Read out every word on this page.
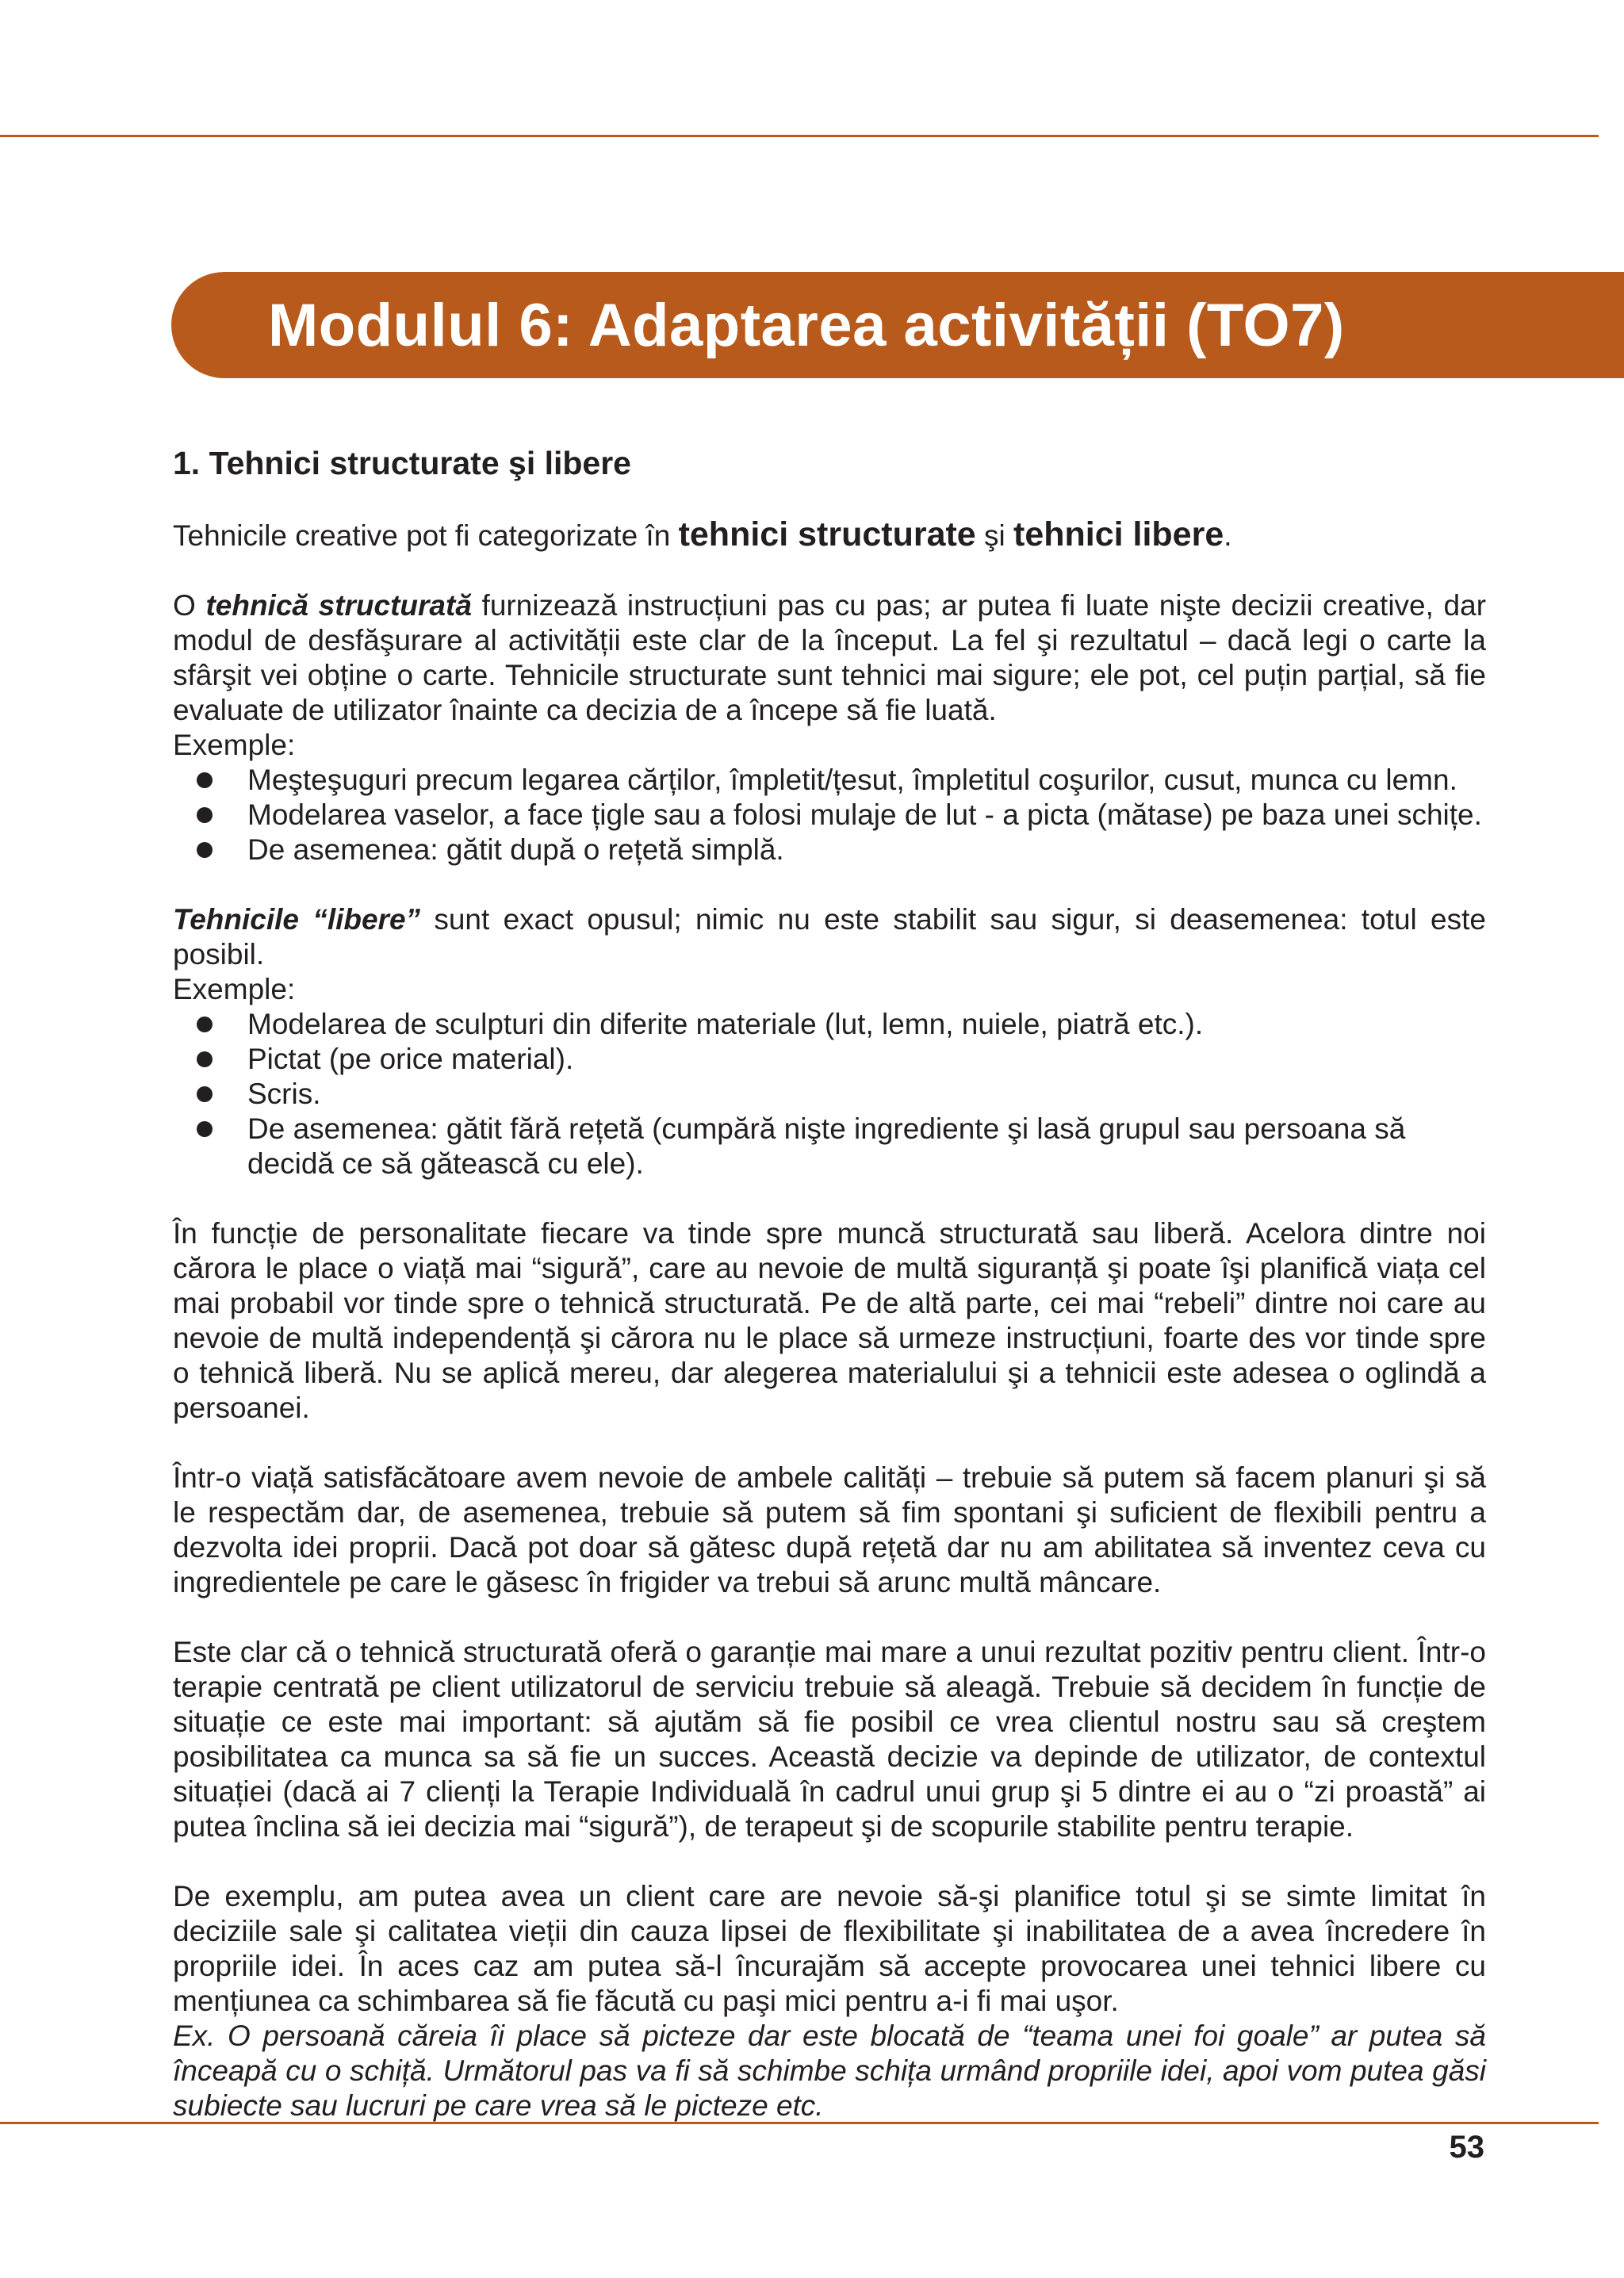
Modulul 6: Adaptarea activității (TO7)
1. Tehnici structurate şi libere

Tehnicile creative pot fi categorizate în tehnici structurate şi tehnici libere.

O tehnică structurată furnizează instrucțiuni pas cu pas; ar putea fi luate nişte decizii creative, dar modul de desfăşurare al activității este clar de la început. La fel şi rezultatul – dacă legi o carte la sfârşit vei obține o carte. Tehnicile structurate sunt tehnici mai sigure; ele pot, cel puțin parțial, să fie evaluate de utilizator înainte ca decizia de a începe să fie luată.

Exemple:

Meşteşuguri precum legarea cărților, împletit/țesut, împletitul coşurilor, cusut, munca cu lemn.
Modelarea vaselor, a face țigle sau a folosi mulaje de lut - a picta (mătase) pe baza unei schițe.
De asemenea: gătit după o rețetă simplă.

Tehnicile “libere” sunt exact opusul; nimic nu este stabilit sau sigur, si deasemenea: totul este posibil.

Exemple:

Modelarea de sculpturi din diferite materiale (lut, lemn, nuiele, piatră etc.).
Pictat (pe orice material).
Scris.
De asemenea: gătit fără rețetă (cumpără nişte ingrediente şi lasă grupul sau persoana să decidă ce să gătească cu ele).

În funcție de personalitate fiecare va tinde spre muncă structurată sau liberă. Acelora dintre noi cărora le place o viață mai “sigură”, care au nevoie de multă siguranță şi poate îşi planifică viața cel mai probabil vor tinde spre o tehnică structurată. Pe de altă parte, cei mai “rebeli” dintre noi care au nevoie de multă independență şi cărora nu le place să urmeze instrucțiuni, foarte des vor tinde spre o tehnică liberă. Nu se aplică mereu, dar alegerea materialului şi a tehnicii este adesea o oglindă a persoanei.

Într-o viață satisfăcătoare avem nevoie de ambele calități – trebuie să putem să facem planuri şi să le respectăm dar, de asemenea, trebuie să putem să fim spontani şi suficient de flexibili pentru a dezvolta idei proprii. Dacă pot doar să gătesc după rețetă dar nu am abilitatea să inventez ceva cu ingredientele pe care le găsesc în frigider va trebui să arunc multă mâncare.

Este clar că o tehnică structurată oferă o garanție mai mare a unui rezultat pozitiv pentru client. Într-o terapie centrată pe client utilizatorul de serviciu trebuie să aleagă. Trebuie să decidem în funcție de situație ce este mai important: să ajutăm să fie posibil ce vrea clientul nostru sau să creştem posibilitatea ca munca sa să fie un succes. Această decizie va depinde de utilizator, de contextul situației (dacă ai 7 clienți la Terapie Individuală în cadrul unui grup şi 5 dintre ei au o “zi proastă” ai putea înclina să iei decizia mai “sigură”), de terapeut şi de scopurile stabilite pentru terapie.

De exemplu, am putea avea un client care are nevoie să-şi planifice totul şi se simte limitat în deciziile sale şi calitatea vieții din cauza lipsei de flexibilitate şi inabilitatea de a avea încredere în propriile idei. În aces caz am putea să-l încurajăm să accepte provocarea unei tehnici libere cu mențiunea ca schimbarea să fie făcută cu paşi mici pentru a-i fi mai uşor.

Ex. O persoană căreia îi place să picteze dar este blocată de “teama unei foi goale” ar putea să înceapă cu o schiță. Următorul pas va fi să schimbe schița urmând propriile idei, apoi vom putea găsi subiecte sau lucruri pe care vrea să le picteze etc.

53
